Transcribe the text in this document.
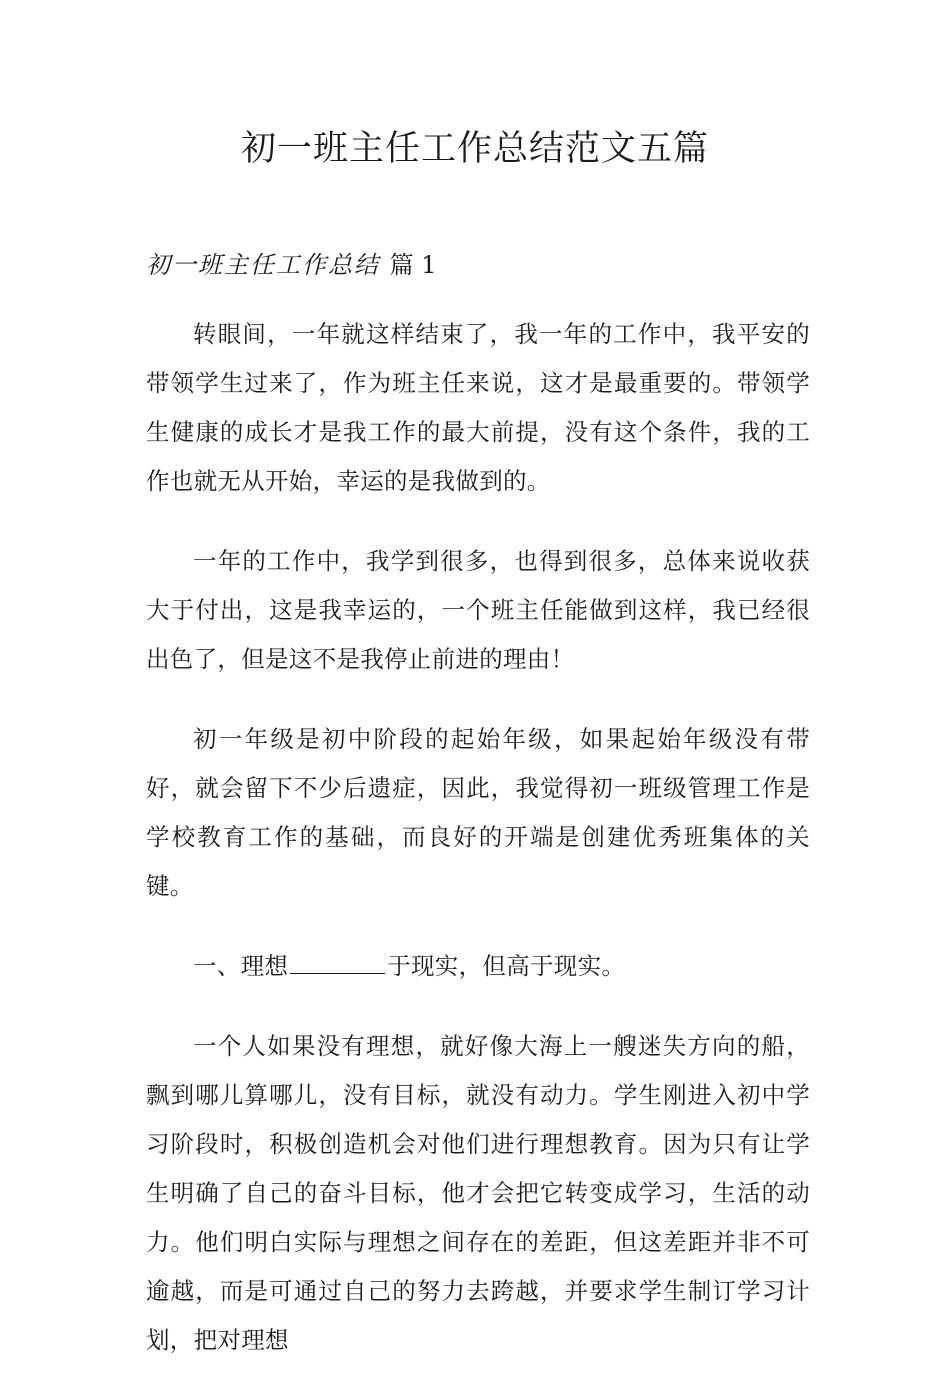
初一班主任工作总结范文五篇
初一班主任工作总结 篇 1

转眼间，一年就这样结束了，我一年的工作中，我平安的带领学生过来了，作为班主任来说，这才是最重要的。带领学生健康的成长才是我工作的最大前提，没有这个条件，我的工作也就无从开始，幸运的是我做到的。

一年的工作中，我学到很多，也得到很多，总体来说收获大于付出，这是我幸运的，一个班主任能做到这样，我已经很出色了，但是这不是我停止前进的理由！

初一年级是初中阶段的起始年级，如果起始年级没有带好，就会留下不少后遗症，因此，我觉得初一班级管理工作是学校教育工作的基础，而良好的开端是创建优秀班集体的关键。

一、理想	于现实，但高于现实。

一个人如果没有理想，就好像大海上一艘迷失方向的船，飘到哪儿算哪儿，没有目标，就没有动力。学生刚进入初中学习阶段时，积极创造机会对他们进行理想教育。因为只有让学生明确了自己的奋斗目标，他才会把它转变成学习，生活的动力。他们明白实际与理想之间存在的差距，但这差距并非不可逾越，而是可通过自己的努力去跨越，并要求学生制订学习计划，把对理想
